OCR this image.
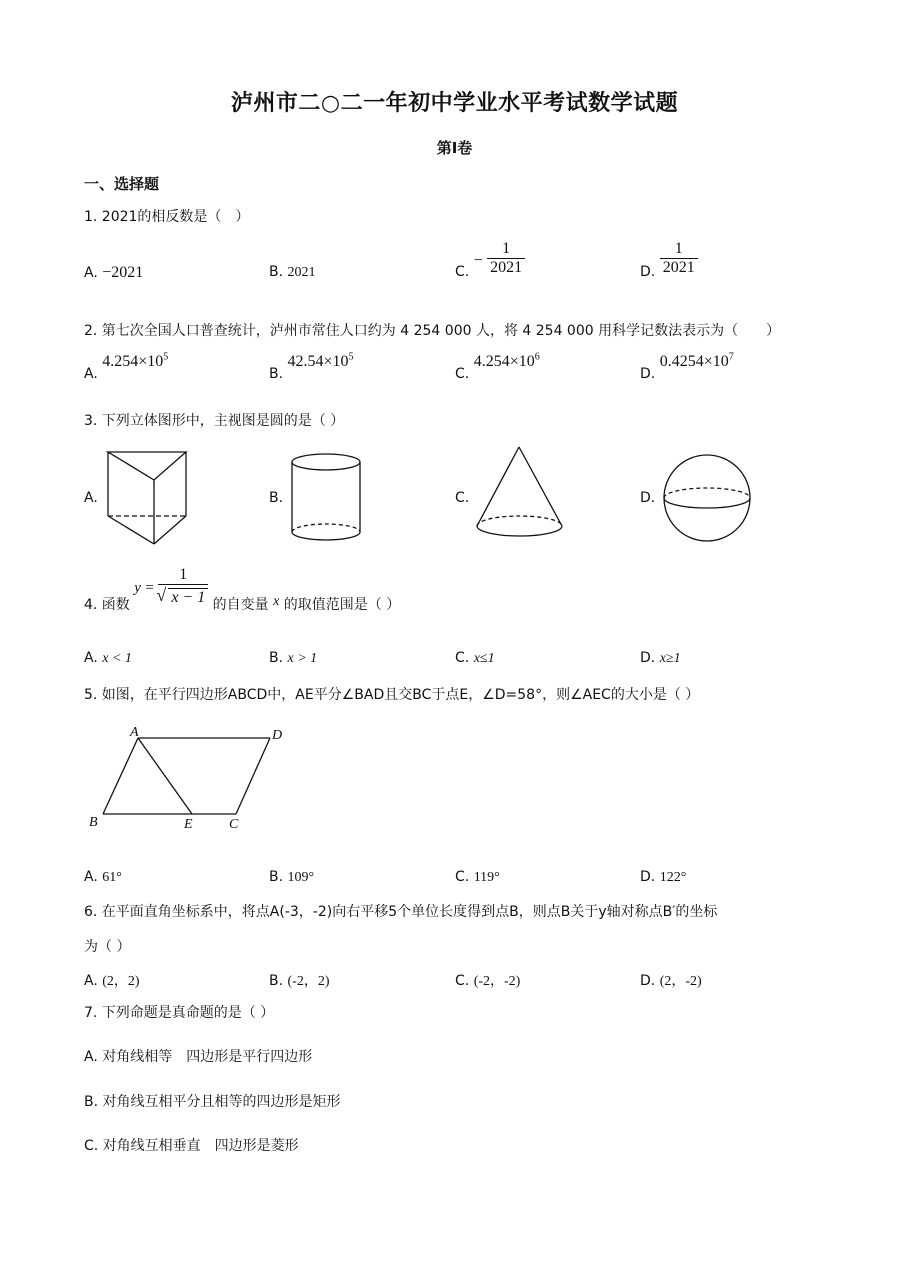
泸州市二○二一年初中学业水平考试数学试题
第I卷
一、选择题
1. 2021的相反数是（　）
A. −2021	B. 2021	C. − $\frac{1}{2021}$	D. $\frac{1}{2021}$
2. 第七次全国人口普查统计，泸州市常住人口约为 4 254 000 人，将 4 254 000 用科学记数法表示为（　　）
A. $4.254\times 10^5$
B. $42.54\times 10^5$
C. $4.254\times 10^6$
D. $0.4254\times 10^7$
3. 下列立体图形中，主视图是圆的是（ ）
A.	B.	C.	D.
4. 函数 $y = \frac{1}{√ x - 1}$ 的自变量 x 的取值范围是（ ）
A. x < 1	B. x > 1	C. x≤1	D. x≥1
5. 如图，在平行四边形ABCD中，AE平分∠BAD且交BC于点E，∠D=58°，则∠AEC的大小是（ ）
A	D
B	E	C
A. 61°	B. 109°	C. 119°	D. 122°
6. 在平面直角坐标系中，将点A(-3，-2)向右平移5个单位长度得到点B，则点B关于y轴对称点B′的坐标
为（ ）
A. (2，2)	B. (-2，2)	C. (-2，-2)	D. (2，-2)
7. 下列命题是真命题的是（ ）
A. 对角线相等　四边形是平行四边形
B. 对角线互相平分且相等的四边形是矩形
C. 对角线互相垂直　四边形是菱形
